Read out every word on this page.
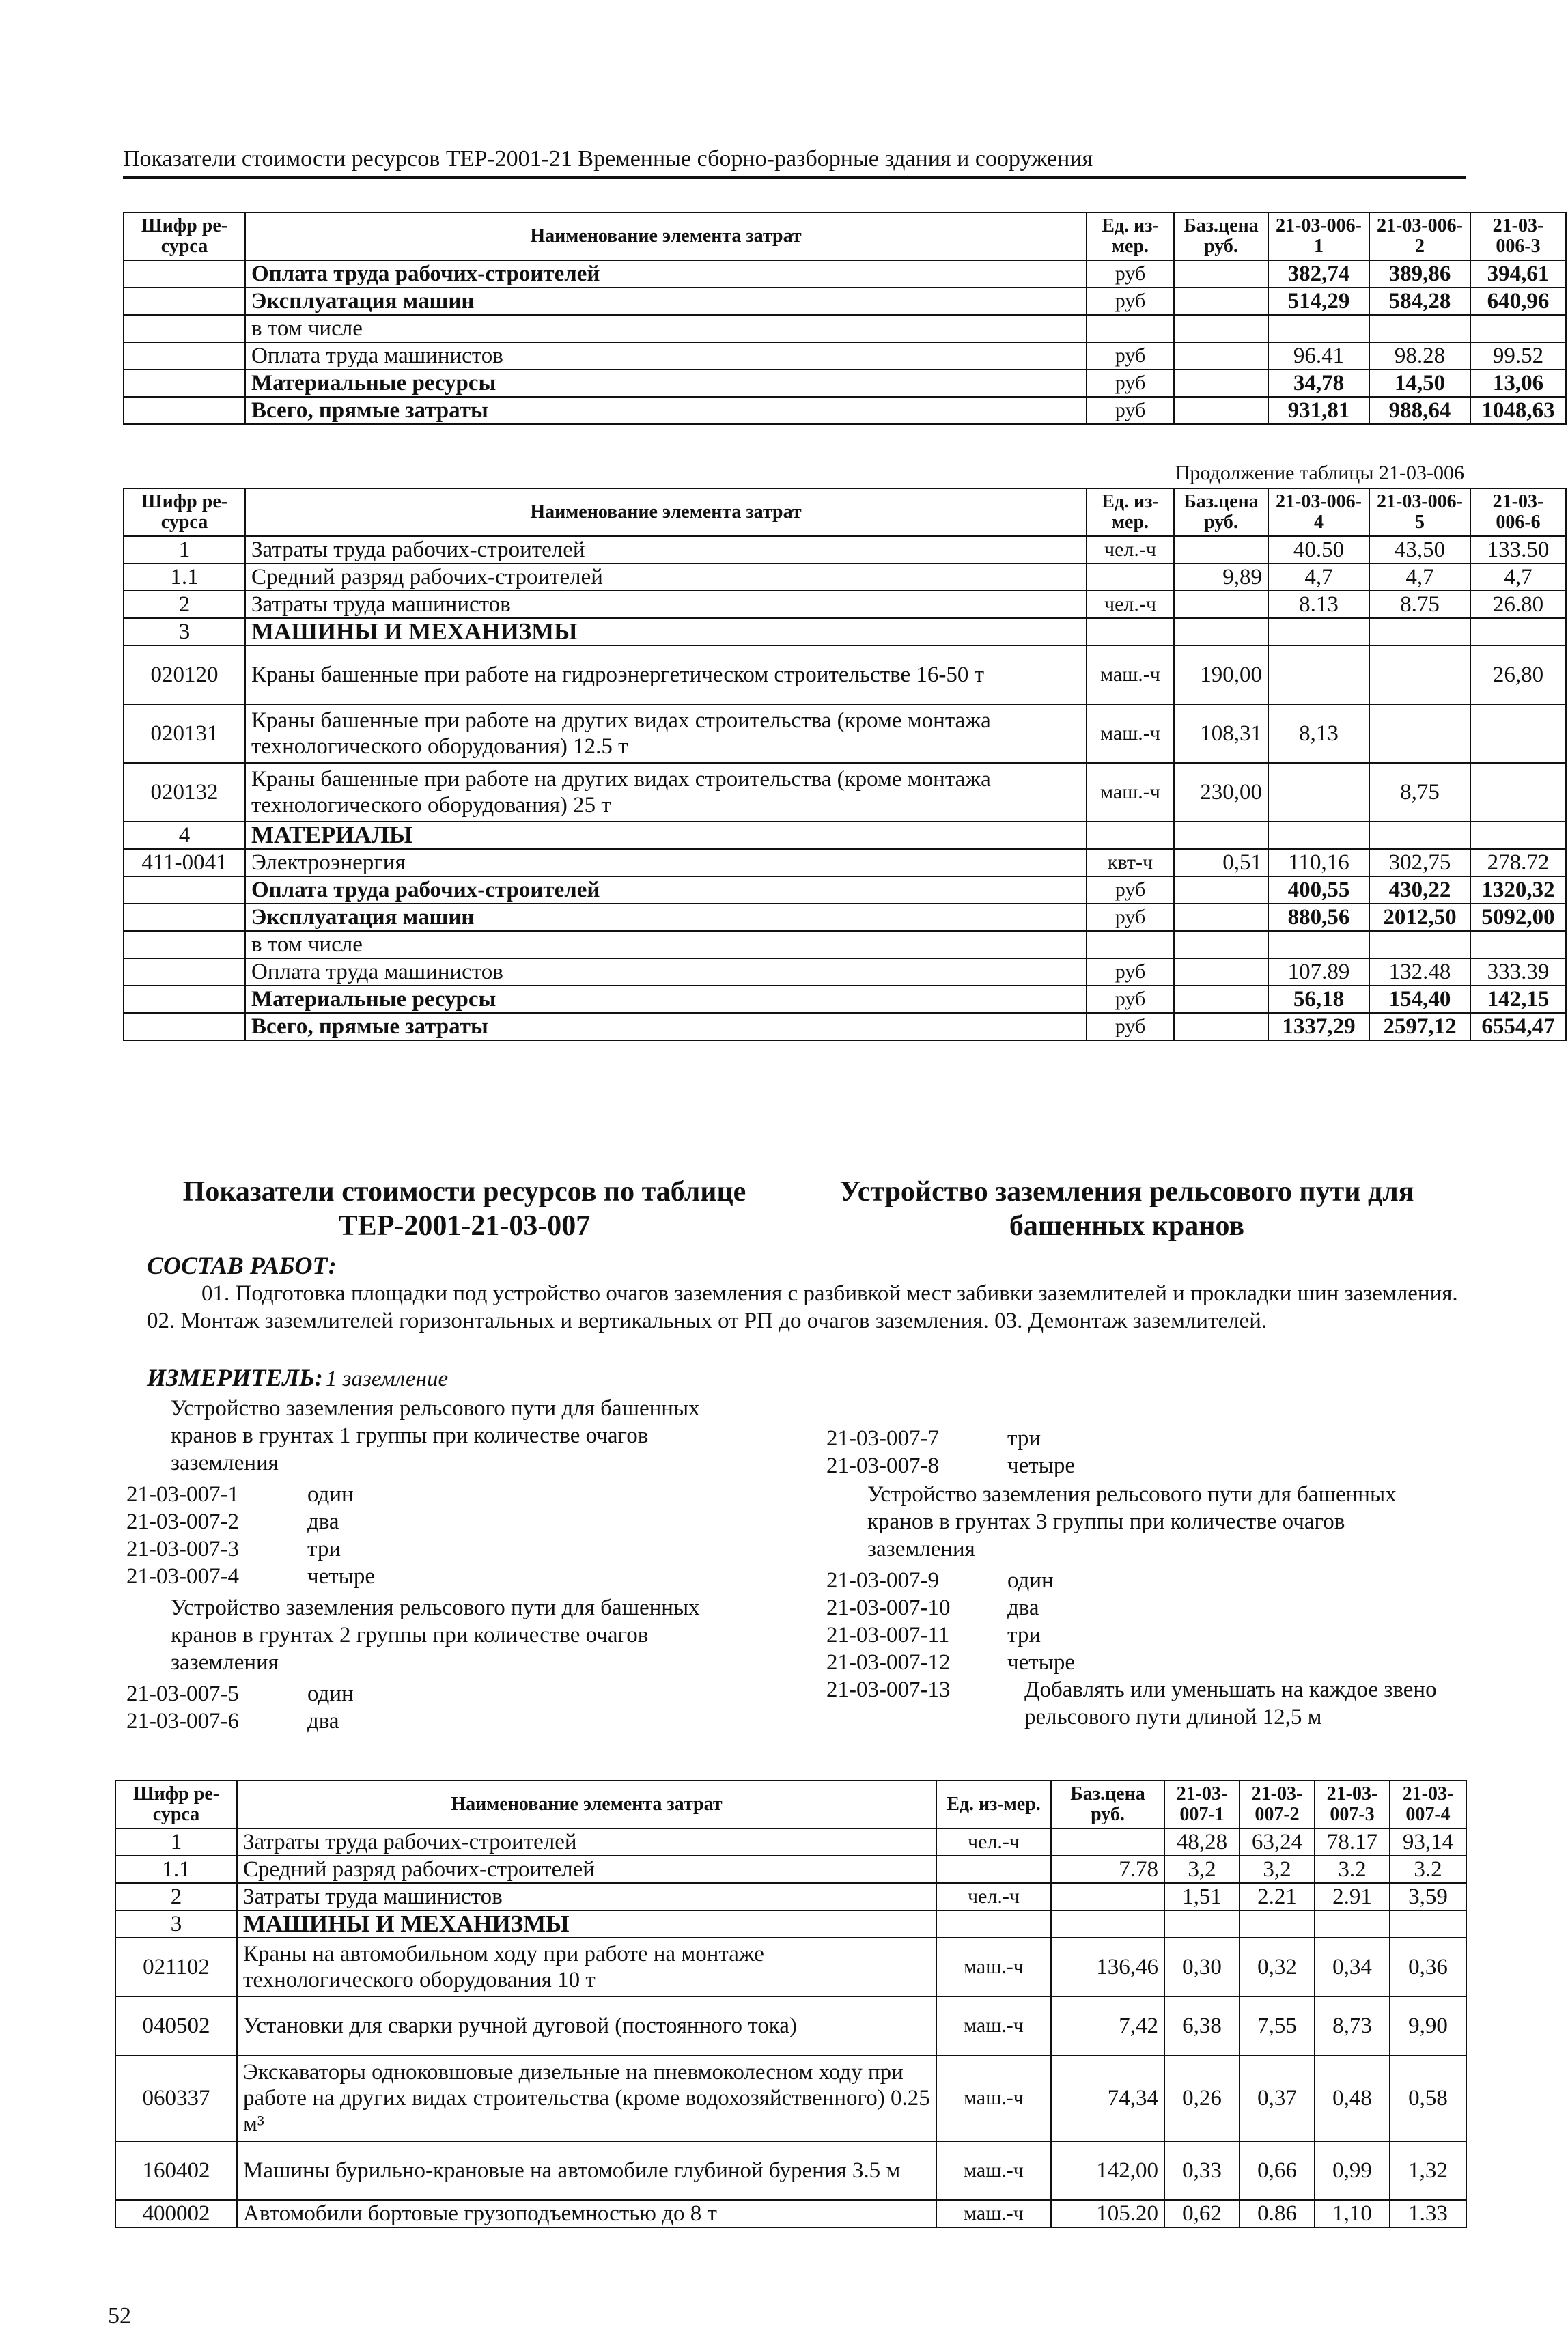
Показатели стоимости ресурсов ТЕР-2001-21 Временные сборно-разборные здания и сооружения
Шифр ре-сурса	Наименование элемента затрат	Ед. из-мер.	Баз.цена руб.	21-03-006-1	21-03-006-2	21-03-006-3
	Оплата труда рабочих-строителей	руб		382,74	389,86	394,61
	Эксплуатация машин	руб		514,29	584,28	640,96
	в том числе					
	Оплата труда машинистов	руб		96.41	98.28	99.52
	Материальные ресурсы	руб		34,78	14,50	13,06
	Всего, прямые затраты	руб		931,81	988,64	1048,63
Продолжение таблицы 21-03-006
Шифр ре-сурса	Наименование элемента затрат	Ед. из-мер.	Баз.цена руб.	21-03-006-4	21-03-006-5	21-03-006-6
1	Затраты труда рабочих-строителей	чел.-ч		40.50	43,50	133.50
1.1	Средний разряд рабочих-строителей		9,89	4,7	4,7	4,7
2	Затраты труда машинистов	чел.-ч		8.13	8.75	26.80
3	МАШИНЫ И МЕХАНИЗМЫ					
020120	Краны башенные при работе на гидроэнергетическом строительстве 16-50 т	маш.-ч	190,00			26,80
020131	Краны башенные при работе на других видах строительства (кроме монтажа технологического оборудования) 12.5 т	маш.-ч	108,31	8,13		
020132	Краны башенные при работе на других видах строительства (кроме монтажа технологического оборудования) 25 т	маш.-ч	230,00		8,75	
4	МАТЕРИАЛЫ					
411-0041	Электроэнергия	квт-ч	0,51	110,16	302,75	278.72
	Оплата труда рабочих-строителей	руб		400,55	430,22	1320,32
	Эксплуатация машин	руб		880,56	2012,50	5092,00
	в том числе					
	Оплата труда машинистов	руб		107.89	132.48	333.39
	Материальные ресурсы	руб		56,18	154,40	142,15
	Всего, прямые затраты	руб		1337,29	2597,12	6554,47
Показатели стоимости ресурсов по таблице ТЕР-2001-21-03-007
Устройство заземления рельсового пути для башенных кранов
СОСТАВ РАБОТ:
01. Подготовка площадки под устройство очагов заземления с разбивкой мест забивки заземлителей и прокладки шин заземления. 02. Монтаж заземлителей горизонтальных и вертикальных от РП до очагов заземления. 03. Демонтаж заземлителей.
ИЗМЕРИТЕЛЬ: 1 заземление
Устройство заземления рельсового пути для башенных кранов в грунтах 1 группы при количестве очагов заземления
21-03-007-1	один
21-03-007-2	два
21-03-007-3	три
21-03-007-4	четыре
Устройство заземления рельсового пути для башенных кранов в грунтах 2 группы при количестве очагов заземления
21-03-007-5	один
21-03-007-6	два
21-03-007-7	три
21-03-007-8	четыре
Устройство заземления рельсового пути для башенных кранов в грунтах 3 группы при количестве очагов заземления
21-03-007-9	один
21-03-007-10	два
21-03-007-11	три
21-03-007-12	четыре
21-03-007-13	Добавлять или уменьшать на каждое звено рельсового пути длиной 12,5 м
Шифр ре-сурса	Наименование элемента затрат	Ед. из-мер.	Баз.цена руб.	21-03-007-1	21-03-007-2	21-03-007-3	21-03-007-4
1	Затраты труда рабочих-строителей	чел.-ч		48,28	63,24	78.17	93,14
1.1	Средний разряд рабочих-строителей		7.78	3,2	3,2	3.2	3.2
2	Затраты труда машинистов	чел.-ч		1,51	2.21	2.91	3,59
3	МАШИНЫ И МЕХАНИЗМЫ						
021102	Краны на автомобильном ходу при работе на монтаже технологического оборудования 10 т	маш.-ч	136,46	0,30	0,32	0,34	0,36
040502	Установки для сварки ручной дуговой (постоянного тока)	маш.-ч	7,42	6,38	7,55	8,73	9,90
060337	Экскаваторы одноковшовые дизельные на пневмоколесном ходу при работе на других видах строительства (кроме водохозяйственного) 0.25 м³	маш.-ч	74,34	0,26	0,37	0,48	0,58
160402	Машины бурильно-крановые на автомобиле глубиной бурения 3.5 м	маш.-ч	142,00	0,33	0,66	0,99	1,32
400002	Автомобили бортовые грузоподъемностью до 8 т	маш.-ч	105.20	0,62	0.86	1,10	1.33
52
